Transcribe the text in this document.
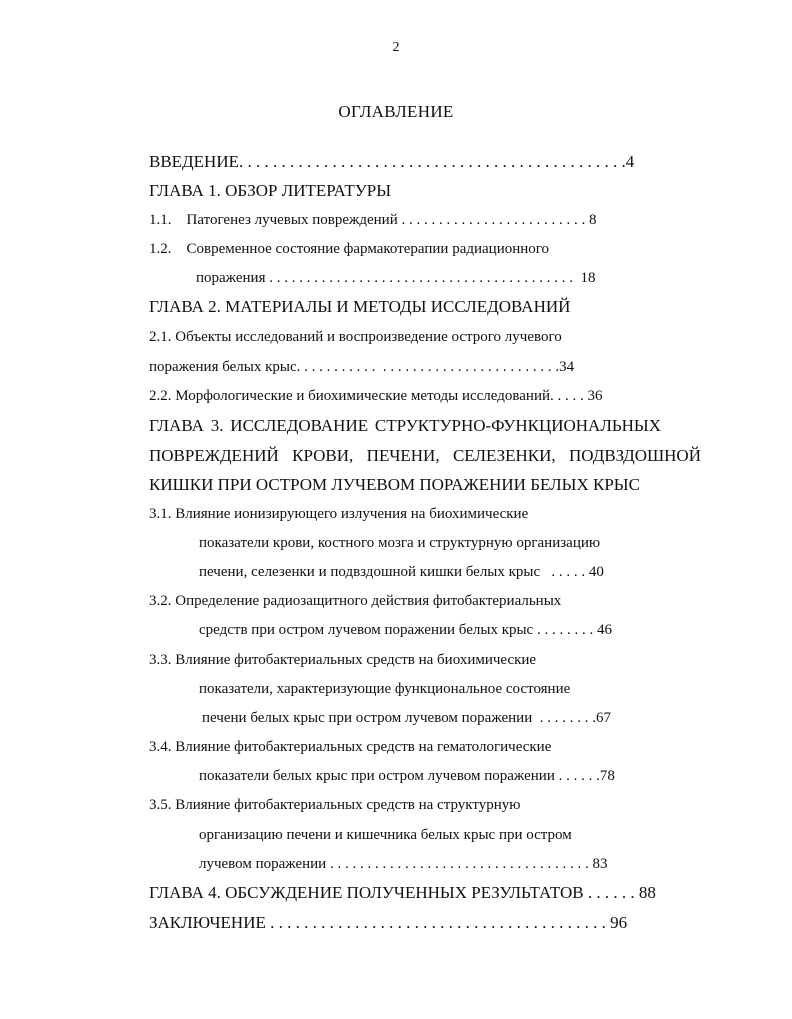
2
ОГЛАВЛЕНИЕ
ВВЕДЕНИЕ. . . . . . . . . . . . . . . . . . . . . . . . . . . . . . . . . . . . . . . . . . . . . .4
ГЛАВА 1. ОБЗОР ЛИТЕРАТУРЫ
1.1.    Патогенез лучевых повреждений . . . . . . . . . . . . . . . . . . . . . . . . . 8
1.2.    Современное состояние фармакотерапии радиационного
поражения . . . . . . . . . . . . . . . . . . . . . . . . . . . . . . . . . . . . . . . . .  18
ГЛАВА 2. МАТЕРИАЛЫ И МЕТОДЫ ИССЛЕДОВАНИЙ
2.1. Объекты исследований и воспроизведение острого лучевого
поражения белых крыс. . . . . . . . . . .  . . . . . . . . . . . . . . . . . . . . . . . .34
2.2. Морфологические и биохимические методы исследований. . . . . 36
ГЛАВА 3. ИССЛЕДОВАНИЕ СТРУКТУРНО-ФУНКЦИОНАЛЬНЫХ
ПОВРЕЖДЕНИЙ КРОВИ, ПЕЧЕНИ, СЕЛЕЗЕНКИ, ПОДВЗДОШНОЙ
КИШКИ ПРИ ОСТРОМ ЛУЧЕВОМ ПОРАЖЕНИИ БЕЛЫХ КРЫС
3.1. Влияние ионизирующего излучения на биохимические
показатели крови, костного мозга и структурную организацию
печени, селезенки и подвздошной кишки белых крыс   . . . . . 40
3.2. Определение радиозащитного действия фитобактериальных
средств при остром лучевом поражении белых крыс . . . . . . . . 46
3.3. Влияние фитобактериальных средств на биохимические
показатели, характеризующие функциональное состояние
печени белых крыс при остром лучевом поражении  . . . . . . . .67
3.4. Влияние фитобактериальных средств на гематологические
показатели белых крыс при остром лучевом поражении . . . . . .78
3.5. Влияние фитобактериальных средств на структурную
организацию печени и кишечника белых крыс при остром
лучевом поражении . . . . . . . . . . . . . . . . . . . . . . . . . . . . . . . . . . . 83
ГЛАВА 4. ОБСУЖДЕНИЕ ПОЛУЧЕННЫХ РЕЗУЛЬТАТОВ . . . . . . 88
ЗАКЛЮЧЕНИЕ . . . . . . . . . . . . . . . . . . . . . . . . . . . . . . . . . . . . . . . . 96
